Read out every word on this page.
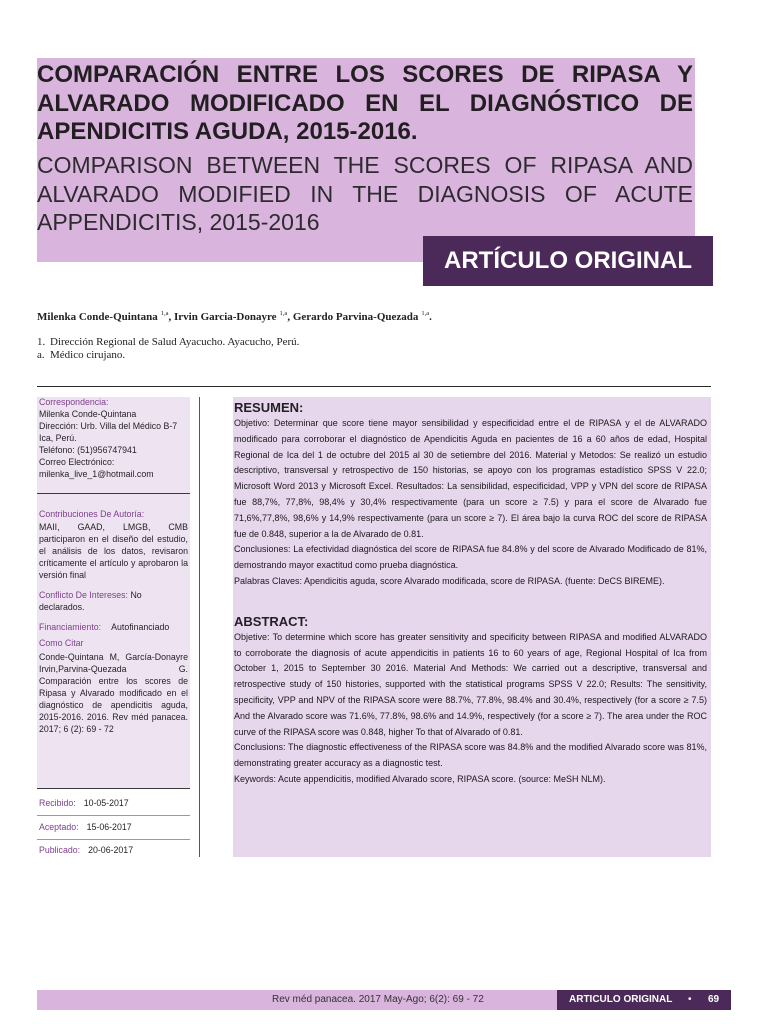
COMPARACIÓN ENTRE LOS SCORES DE RIPASA Y ALVARADO MODIFICADO EN EL DIAGNÓSTICO DE APENDICITIS AGUDA, 2015-2016.
COMPARISON BETWEEN THE SCORES OF RIPASA AND ALVARADO MODIFIED IN THE DIAGNOSIS OF ACUTE APPENDICITIS, 2015-2016
ARTÍCULO ORIGINAL
Milenka Conde-Quintana $^{1,a}$, Irvin Garcia-Donayre $^{1,a}$, Gerardo Parvina-Quezada $^{1,a}$.
1. Dirección Regional de Salud Ayacucho. Ayacucho, Perú.
a. Médico cirujano.
Correspondencia:
Milenka Conde-Quintana
Dirección: Urb. Villa del Médico B-7
Ica, Perú.
Teléfono: (51)956747941
Correo Electrónico:
milenka_live_1@hotmail.com
Contribuciones De Autoría:
MAII, GAAD, LMGB, CMB participaron en el diseño del estudio, el análisis de los datos, revisaron críticamente el artículo y aprobaron la versión final
Conflicto De Intereses: No declarados.
Financiamiento: Autofinanciado
Como Citar
Conde-Quintana M, García-Donayre Irvin,Parvina-Quezada G. Comparación entre los scores de Ripasa y Alvarado modificado en el diagnóstico de apendicitis aguda, 2015-2016. 2016. Rev méd panacea. 2017; 6 (2): 69 - 72
Recibido: 10-05-2017
Aceptado: 15-06-2017
Publicado: 20-06-2017
RESUMEN:

Objetivo: Determinar que score tiene mayor sensibilidad y especificidad entre el de RIPASA y el de ALVARADO modificado para corroborar el diagnóstico de Apendicitis Aguda en pacientes de 16 a 60 años de edad, Hospital Regional de Ica del 1 de octubre del 2015 al 30 de setiembre del 2016. Material y Metodos: Se realizó un estudio descriptivo, transversal y retrospectivo de 150 historias, se apoyo con los programas estadístico SPSS V 22.0; Microsoft Word 2013 y Microsoft Excel. Resultados: La sensibilidad, especificidad, VPP y VPN del score de RIPASA fue 88,7%, 77,8%, 98,4% y 30,4% respectivamente (para un score ≥ 7.5) y para el score de Alvarado fue 71,6%,77,8%, 98,6% y 14,9% respectivamente (para un score ≥ 7). El área bajo la curva ROC del score de RIPASA fue de 0.848, superior a la de Alvarado de 0.81.

Conclusiones: La efectividad diagnóstica del score de RIPASA fue 84.8% y del score de Alvarado Modificado de 81%, demostrando mayor exactitud como prueba diagnóstica.

Palabras Claves: Apendicitis aguda, score Alvarado modificada, score de RIPASA. (fuente: DeCS BIREME).

ABSTRACT:

Objetive: To determine which score has greater sensitivity and specificity between RIPASA and modified ALVARADO to corroborate the diagnosis of acute appendicitis in patients 16 to 60 years of age, Regional Hospital of Ica from October 1, 2015 to September 30 2016. Material And Methods: We carried out a descriptive, transversal and retrospective study of 150 histories, supported with the statistical programs SPSS V 22.0; Results: The sensitivity, specificity, VPP and NPV of the RIPASA score were 88.7%, 77.8%, 98.4% and 30.4%, respectively (for a score ≥ 7.5) And the Alvarado score was 71.6%, 77.8%, 98.6% and 14.9%, respectively (for a score ≥ 7). The area under the ROC curve of the RIPASA score was 0.848, higher To that of Alvarado of 0.81.

Conclusions: The diagnostic effectiveness of the RIPASA score was 84.8% and the modified Alvarado score was 81%, demonstrating greater accuracy as a diagnostic test.

Keywords: Acute appendicitis, modified Alvarado score, RIPASA score. (source: MeSH NLM).

Rev méd panacea. 2017 May-Ago; 6(2): 69 - 72	ARTICULO ORIGINAL • 69
